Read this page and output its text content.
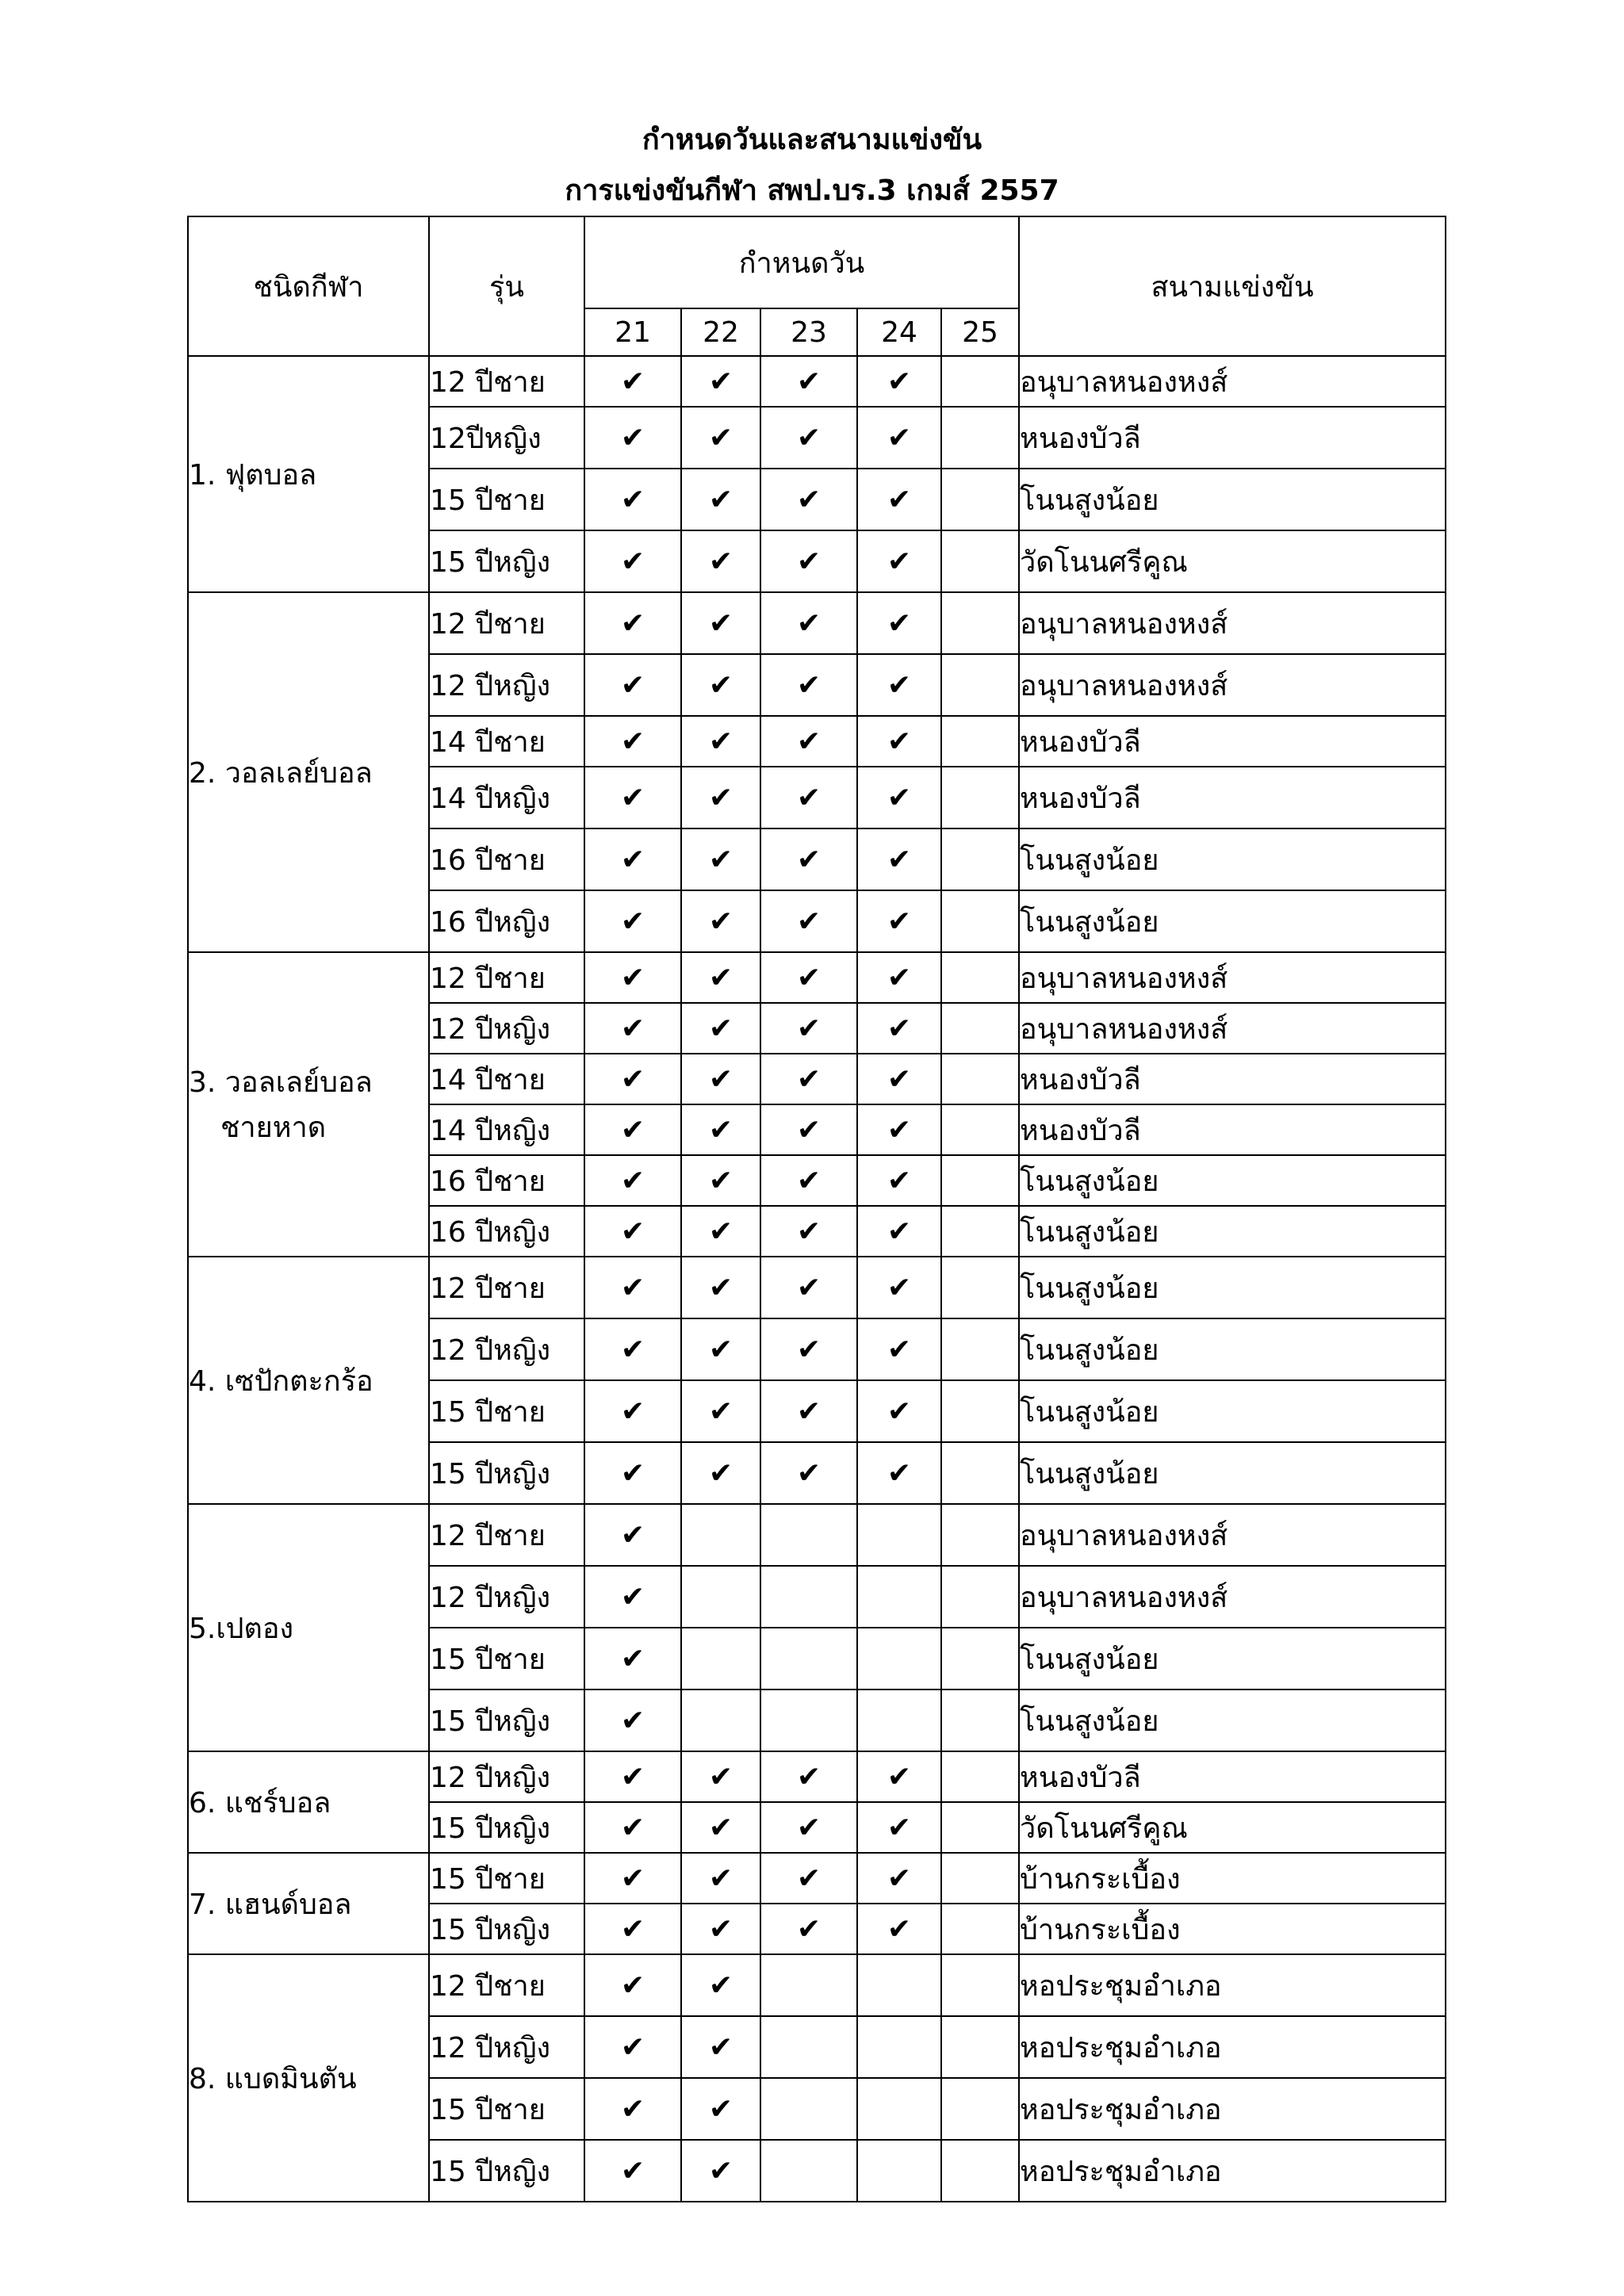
กำหนดวันและสนามแข่งขัน
การแข่งขันกีฬา สพป.บร.3 เกมส์ 2557
ชนิดกีฬา	รุ่น	กำหนดวัน					สนามแข่งขัน
		21	22	23	24	25	

1. ฟุตบอล	12 ปีชาย	✔	✔	✔	✔		อนุบาลหนองหงส์
	12ปีหญิง	✔	✔	✔	✔		หนองบัวลี
	15 ปีชาย	✔	✔	✔	✔		โนนสูงน้อย
	15 ปีหญิง	✔	✔	✔	✔		วัดโนนศรีคูณ

2. วอลเลย์บอล	12 ปีชาย	✔	✔	✔	✔		อนุบาลหนองหงส์
	12 ปีหญิง	✔	✔	✔	✔		อนุบาลหนองหงส์
	14 ปีชาย	✔	✔	✔	✔		หนองบัวลี
	14 ปีหญิง	✔	✔	✔	✔		หนองบัวลี
	16 ปีชาย	✔	✔	✔	✔		โนนสูงน้อย
	16 ปีหญิง	✔	✔	✔	✔		โนนสูงน้อย

3. วอลเลย์บอล
ชายหาด	12 ปีชาย	✔	✔	✔	✔		อนุบาลหนองหงส์
	12 ปีหญิง	✔	✔	✔	✔		อนุบาลหนองหงส์
	14 ปีชาย	✔	✔	✔	✔		หนองบัวลี
	14 ปีหญิง	✔	✔	✔	✔		หนองบัวลี
	16 ปีชาย	✔	✔	✔	✔		โนนสูงน้อย
	16 ปีหญิง	✔	✔	✔	✔		โนนสูงน้อย

4. เซปักตะกร้อ	12 ปีชาย	✔	✔	✔	✔		โนนสูงน้อย
	12 ปีหญิง	✔	✔	✔	✔		โนนสูงน้อย
	15 ปีชาย	✔	✔	✔	✔		โนนสูงน้อย
	15 ปีหญิง	✔	✔	✔	✔		โนนสูงน้อย

5.เปตอง	12 ปีชาย	✔					อนุบาลหนองหงส์
	12 ปีหญิง	✔					อนุบาลหนองหงส์
	15 ปีชาย	✔					โนนสูงน้อย
	15 ปีหญิง	✔					โนนสูงน้อย

6. แชร์บอล	12 ปีหญิง	✔	✔	✔	✔		หนองบัวลี
	15 ปีหญิง	✔	✔	✔	✔		วัดโนนศรีคูณ

7. แฮนด์บอล	15 ปีชาย	✔	✔	✔	✔		บ้านกระเบื้อง
	15 ปีหญิง	✔	✔	✔	✔		บ้านกระเบื้อง

8. แบดมินตัน	12 ปีชาย	✔	✔				หอประชุมอำเภอ
	12 ปีหญิง	✔	✔				หอประชุมอำเภอ
	15 ปีชาย	✔	✔				หอประชุมอำเภอ
	15 ปีหญิง	✔	✔				หอประชุมอำเภอ
